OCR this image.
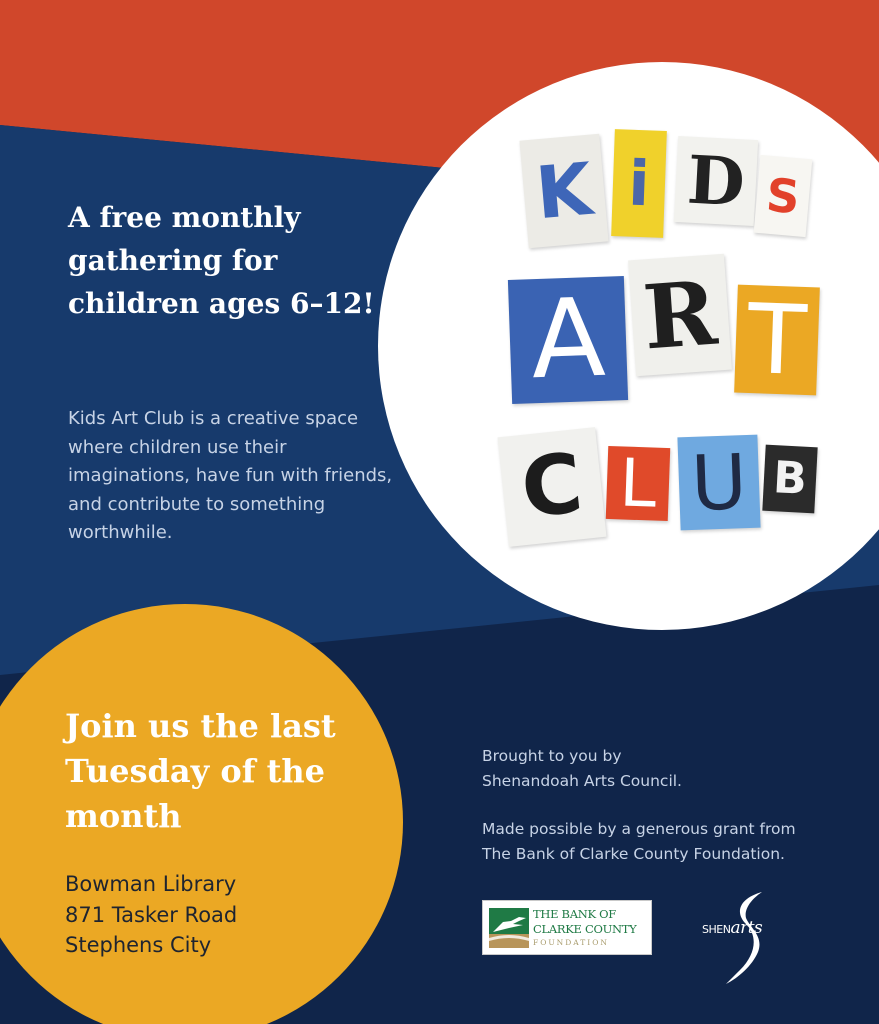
A free monthly gathering for children ages 6–12!

Kids Art Club is a creative space where children use their imaginations, have fun with friends, and contribute to something worthwhile.

K i D S
A R T
C L U B

Join us the last Tuesday of the month

Bowman Library
871 Tasker Road
Stephens City

Brought to you by
Shenandoah Arts Council.

Made possible by a generous grant from
The Bank of Clarke County Foundation.

THE BANK OF
CLARKE COUNTY
FOUNDATION
SHENarts
